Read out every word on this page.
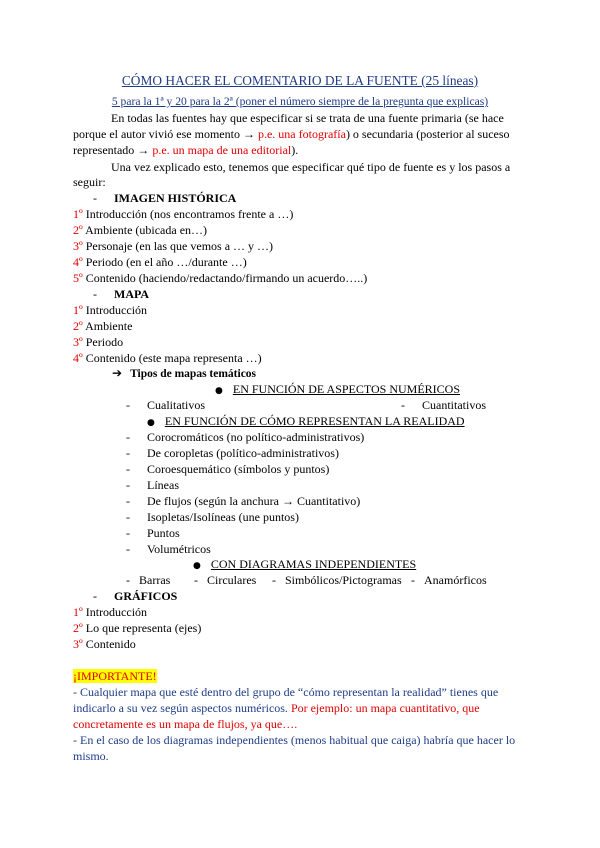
CÓMO HACER EL COMENTARIO DE LA FUENTE (25 líneas)
5 para la 1ª y 20 para la 2ª (poner el número siempre de la pregunta que explicas)
En todas las fuentes hay que especificar si se trata de una fuente primaria (se hace
porque el autor vivió ese momento → p.e. una fotografía) o secundaria (posterior al suceso
representado → p.e. un mapa de una editorial).
Una vez explicado esto, tenemos que especificar qué tipo de fuente es y los pasos a
seguir:
- IMAGEN HISTÓRICA
1º Introducción (nos encontramos frente a …)
2º Ambiente (ubicada en…)
3º Personaje (en las que vemos a … y …)
4º Periodo (en el año …/durante …)
5º Contenido (haciendo/redactando/firmando un acuerdo…..)
- MAPA
1º Introducción
2º Ambiente
3º Periodo
4º Contenido (este mapa representa …)
➔ Tipos de mapas temáticos
● EN FUNCIÓN DE ASPECTOS NUMÉRICOS
- Cualitativos	- Cuantitativos
● EN FUNCIÓN DE CÓMO REPRESENTAN LA REALIDAD
- Corocromáticos (no político-administrativos)
- De coropletas (político-administrativos)
- Coroesquemático (símbolos y puntos)
- Líneas
- De flujos (según la anchura → Cuantitativo)
- Isopletas/Isolíneas (une puntos)
- Puntos
- Volumétricos
● CON DIAGRAMAS INDEPENDIENTES
- Barras - Circulares - Simbólicos/Pictogramas - Anamórficos
- GRÁFICOS
1º Introducción
2º Lo que representa (ejes)
3º Contenido
¡IMPORTANTE!
- Cualquier mapa que esté dentro del grupo de “cómo representan la realidad” tienes que
indicarlo a su vez según aspectos numéricos. Por ejemplo: un mapa cuantitativo, que
concretamente es un mapa de flujos, ya que….
- En el caso de los diagramas independientes (menos habitual que caiga) habría que hacer lo
mismo.
